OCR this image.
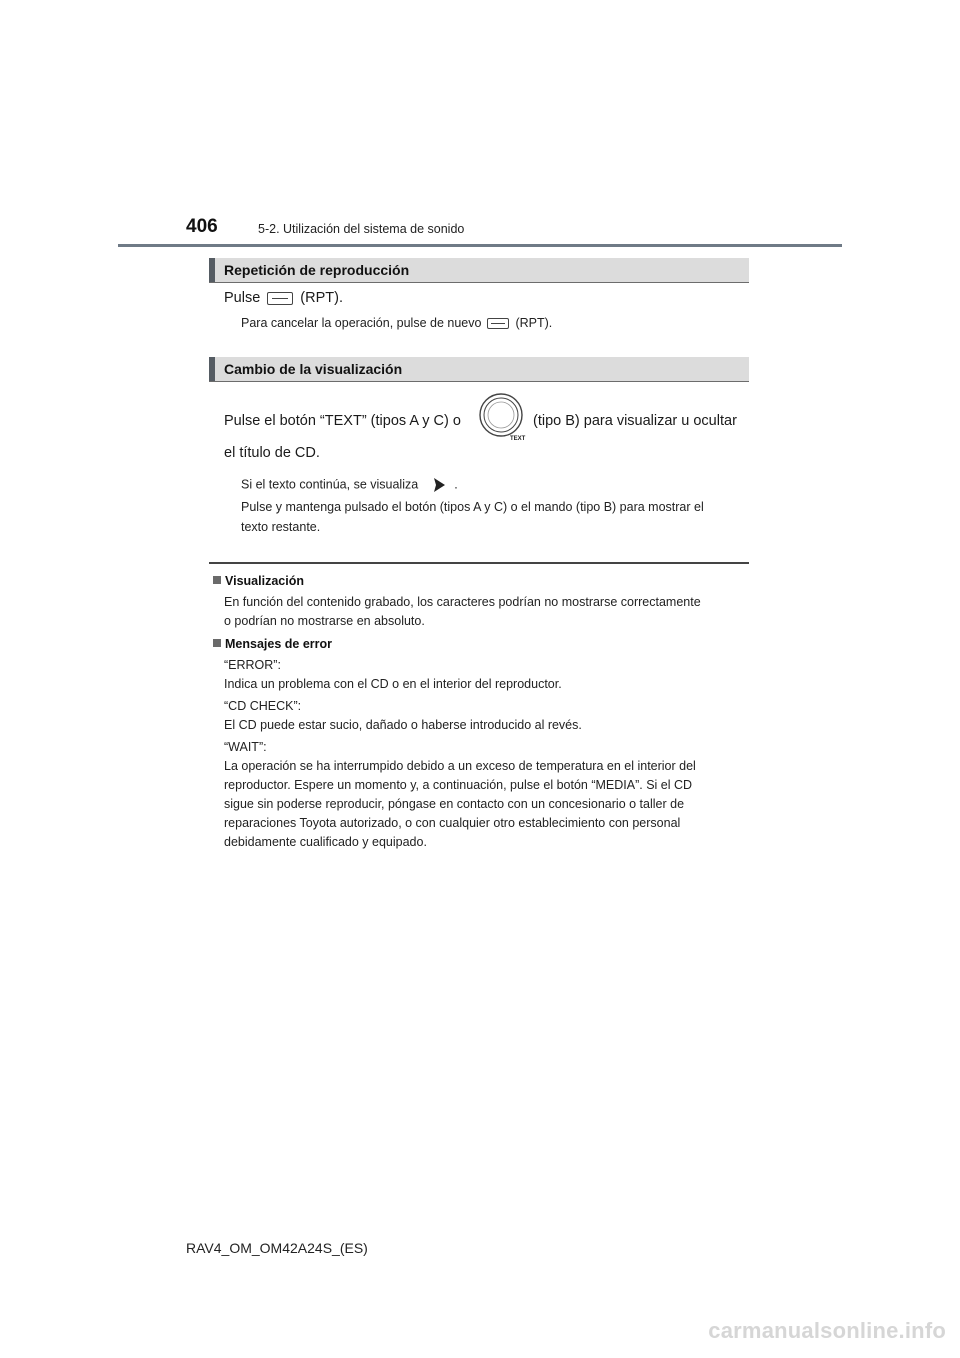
406	5-2. Utilización del sistema de sonido
Repetición de reproducción
Pulse	(RPT).
Para cancelar la operación, pulse de nuevo	(RPT).
Cambio de la visualización
Pulse el botón “TEXT” (tipos A y C) o
TEXT
(tipo B) para visualizar u ocultar
el título de CD.
Si el texto continúa, se visualiza	.
Pulse y mantenga pulsado el botón (tipos A y C) o el mando (tipo B) para mostrar el
texto restante.
Visualización
En función del contenido grabado, los caracteres podrían no mostrarse correctamente
o podrían no mostrarse en absoluto.
Mensajes de error
“ERROR”:
Indica un problema con el CD o en el interior del reproductor.
“CD CHECK”:
El CD puede estar sucio, dañado o haberse introducido al revés.
“WAIT”:
La operación se ha interrumpido debido a un exceso de temperatura en el interior del
reproductor. Espere un momento y, a continuación, pulse el botón “MEDIA”. Si el CD
sigue sin poderse reproducir, póngase en contacto con un concesionario o taller de
reparaciones Toyota autorizado, o con cualquier otro establecimiento con personal
debidamente cualificado y equipado.
RAV4_OM_OM42A24S_(ES)
carmanualsonline.info
